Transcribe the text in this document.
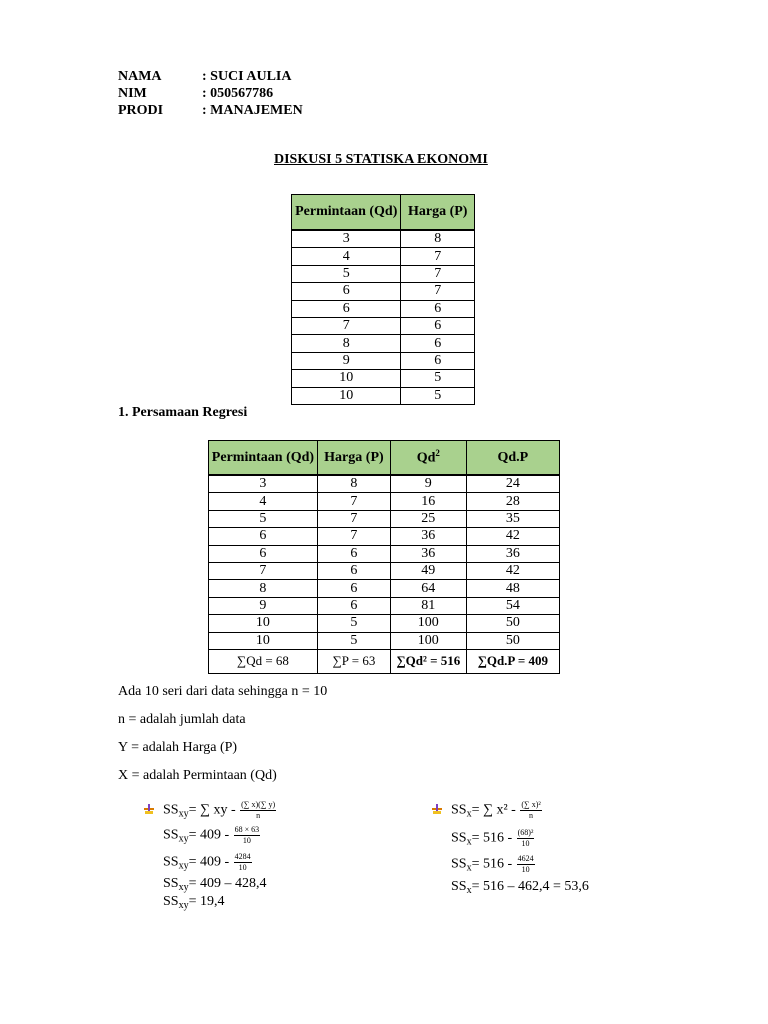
NAMA	: SUCI AULIA
NIM	: 050567786
PRODI	: MANAJEMEN
DISKUSI 5 STATISKA EKONOMI
Permintaan (Qd)	Harga (P)
3	8
4	7
5	7
6	7
6	6
7	6
8	6
9	6
10	5
10	5
1. Persamaan Regresi
Permintaan (Qd)	Harga (P)	Qd$^2$	Qd.P
3	8	9	24
4	7	16	28
5	7	25	35
6	7	36	42
6	6	36	36
7	6	49	42
8	6	64	48
9	6	81	54
10	5	100	50
10	5	100	50
∑Qd = 68	∑P = 63	∑Qd² = 516	∑Qd.P = 409
Ada 10 seri dari data sehingga n = 10
n = adalah jumlah data
Y = adalah Harga (P)
X = adalah Permintaan (Qd)
$SS_{xy}=$ ∑ xy - $\frac{(\sum x)(\sum y)}{n}$
$SS_{xy}= 409 - \frac{68 \times 63}{10}$
$SS_{xy}= 409 - \frac{4284}{10}$
$SS_{xy}= 409 - 428,4$
$SS_{xy}= 19,4$
$SS_x=$ ∑ $x^2 - \frac{\text{(∑ x)²}}{n}$
$SS_x= 516 - \frac{\text{(68)²}}{10}$
$SS_x= 516 - \frac{4624}{10}$
$SS_x= 516 - 462,4 = 53,6$
